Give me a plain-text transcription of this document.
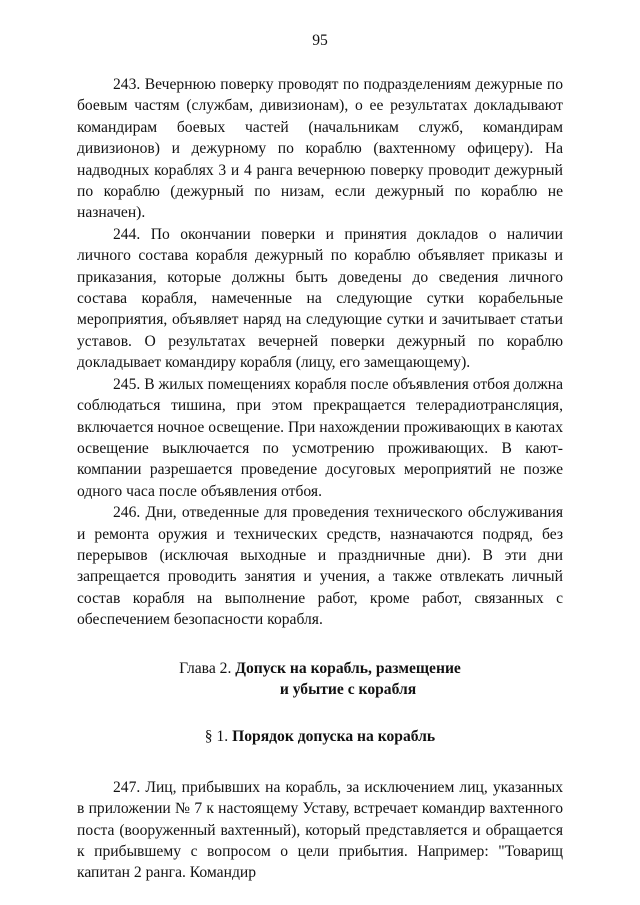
95

243. Вечернюю поверку проводят по подразделениям дежурные по боевым частям (службам, дивизионам), о ее результатах докладывают командирам боевых частей (начальникам служб, командирам дивизионов) и дежурному по кораблю (вахтенному офицеру). На надводных кораблях 3 и 4 ранга вечернюю поверку проводит дежурный по кораблю (дежурный по низам, если дежурный по кораблю не назначен).

244. По окончании поверки и принятия докладов о наличии личного состава корабля дежурный по кораблю объявляет приказы и приказания, которые должны быть доведены до сведения личного состава корабля, намеченные на следующие сутки корабельные мероприятия, объявляет наряд на следующие сутки и зачитывает статьи уставов. О результатах вечерней поверки дежурный по кораблю докладывает командиру корабля (лицу, его замещающему).

245. В жилых помещениях корабля после объявления отбоя должна соблюдаться тишина, при этом прекращается телерадиотрансляция, включается ночное освещение. При нахождении проживающих в каютах освещение выключается по усмотрению проживающих. В кают-компании разрешается проведение досуговых мероприятий не позже одного часа после объявления отбоя.

246. Дни, отведенные для проведения технического обслуживания и ремонта оружия и технических средств, назначаются подряд, без перерывов (исключая выходные и праздничные дни). В эти дни запрещается проводить занятия и учения, а также отвлекать личный состав корабля на выполнение работ, кроме работ, связанных с обеспечением безопасности корабля.

Глава 2. Допуск на корабль, размещение
и убытие с корабля
§ 1. Порядок допуска на корабль

247. Лиц, прибывших на корабль, за исключением лиц, указанных в приложении № 7 к настоящему Уставу, встречает командир вахтенного поста (вооруженный вахтенный), который представляется и обращается к прибывшему с вопросом о цели прибытия. Например: "Товарищ капитан 2 ранга. Командир
